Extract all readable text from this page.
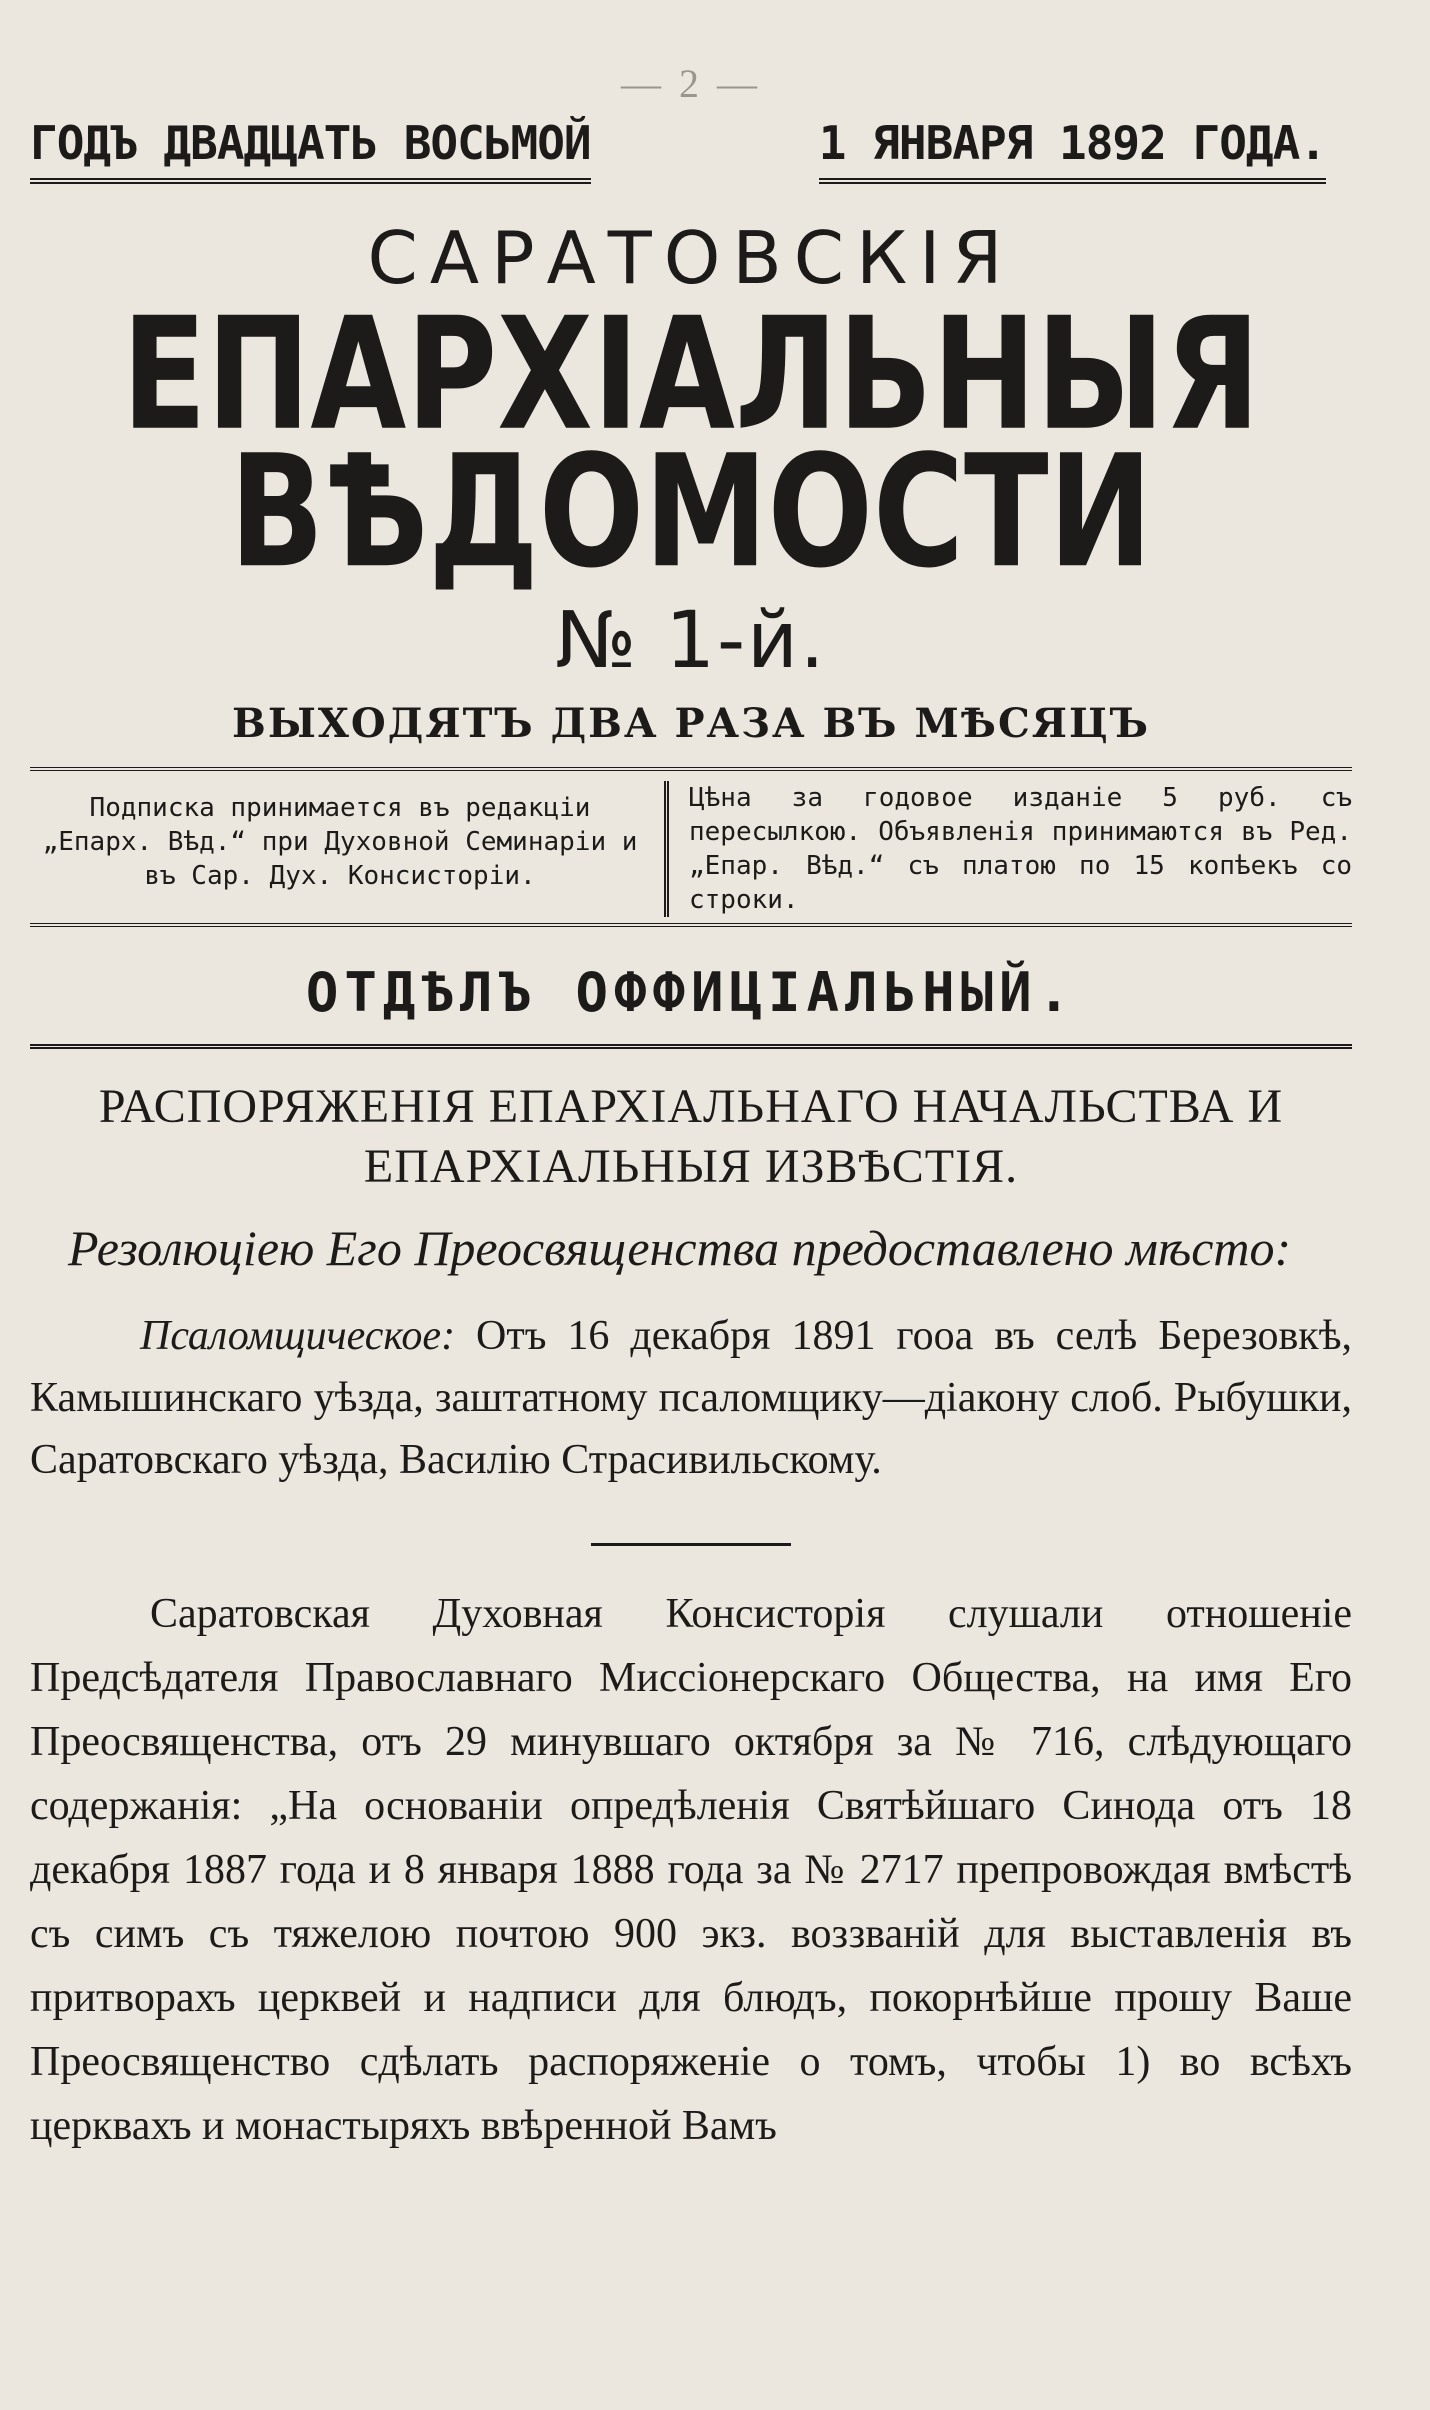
— 2 —
ГОДЪ ДВАДЦАТЬ ВОСЬМОЙ	1 ЯНВАРЯ 1892 ГОДА.
САРАТОВСКІЯ
ЕПАРХІАЛЬНЫЯ ВѢДОМОСТИ
№ 1-й.
ВЫХОДЯТЪ ДВА РАЗА ВЪ МѢСЯЦЪ
Подписка принимается въ редакціи „Епарх. Вѣд.“ при Духовной Семинаріи и въ Сар. Дух. Консисторіи.
Цѣна за годовое изданіе 5 руб. съ пересылкою. Объявленія принимаются въ Ред. „Епар. Вѣд.“ съ платою по 15 копѣекъ со строки.
ОТДѢЛЪ ОФФИЦІАЛЬНЫЙ.
РАСПОРЯЖЕНІЯ ЕПАРХІАЛЬНАГО НАЧАЛЬСТВА И ЕПАРХІАЛЬНЫЯ ИЗВѢСТІЯ.
Резолюціею Его Преосвященства предоставлено мѣсто:
Псаломщическое: Отъ 16 декабря 1891 гооа въ селѣ Березовкѣ, Камышинскаго уѣзда, заштатному псаломщику—діакону слоб. Рыбушки, Саратовскаго уѣзда, Василію Страсивильскому.
Саратовская Духовная Консисторія слушали отношеніе Предсѣдателя Православнаго Миссіонерскаго Общества, на имя Его Преосвященства, отъ 29 минувшаго октября за № 716, слѣдующаго содержанія: „На основаніи опредѣленія Святѣйшаго Синода отъ 18 декабря 1887 года и 8 января 1888 года за № 2717 препровождая вмѣстѣ съ симъ съ тяжелою почтою 900 экз. воззваній для выставленія въ притворахъ церквей и надписи для блюдъ, покорнѣйше прошу Ваше Преосвященство сдѣлать распоряженіе о томъ, чтобы 1) во всѣхъ церквахъ и монастыряхъ ввѣренной Вамъ
